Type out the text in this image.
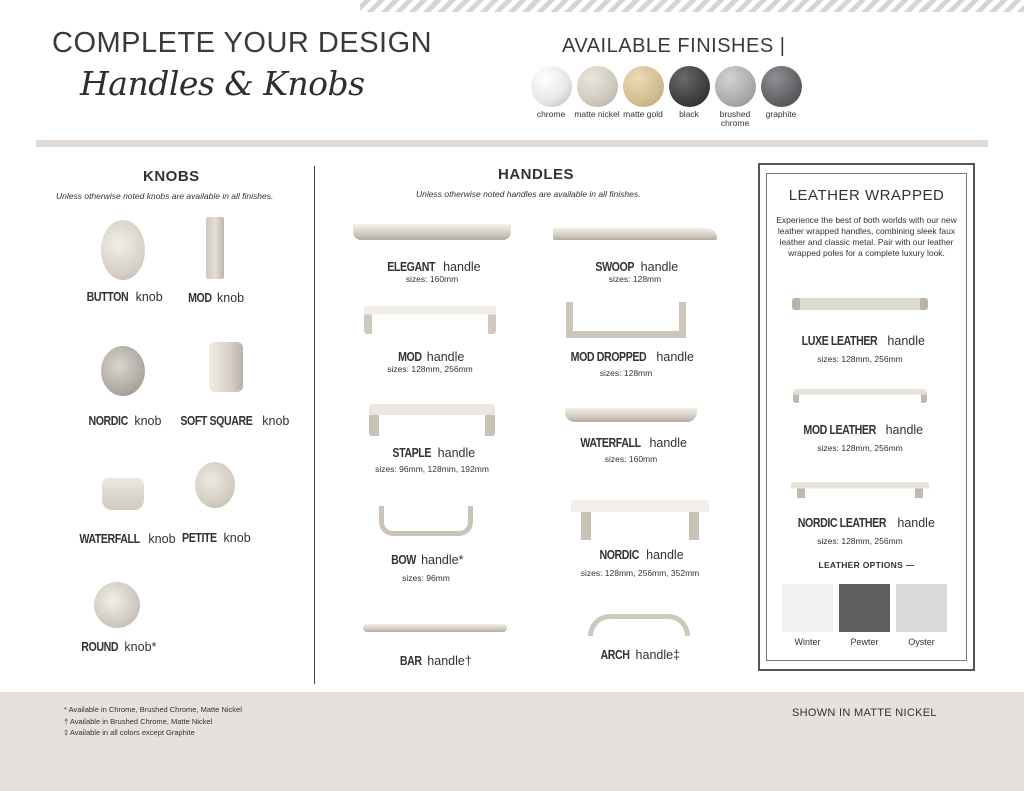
COMPLETE YOUR DESIGN
Handles & Knobs
AVAILABLE FINISHES |
chrome	matte nickel matte gold	black	brushed chrome
graphite
KNOBS
Unless otherwise noted knobs are available in all finishes.
BUTTON knob	MOD knob
NORDIC knob	SOFT SQUARE knob
WATERFALL knob PETITE knob
ROUND knob*
HANDLES
Unless otherwise noted handles are available in all finishes.
ELEGANT handle
sizes: 160mm
MOD handle
sizes: 128mm, 256mm
STAPLE handle
sizes: 96mm, 128mm, 192mm
BOW handle*
sizes: 96mm
BAR handle†
SWOOP handle
sizes: 128mm
MOD DROPPED handle
sizes: 128mm
WATERFALL handle
sizes: 160mm
NORDIC handle
sizes: 128mm, 256mm, 352mm
ARCH handle‡
LEATHER WRAPPED
Experience the best of both worlds with our new leather wrapped handles, combining sleek faux leather and classic metal. Pair with our leather wrapped poles for a complete luxury look.
LUXE LEATHER handle
sizes: 128mm, 256mm
MOD LEATHER handle
sizes: 128mm, 256mm
NORDIC LEATHER handle
sizes: 128mm, 256mm
LEATHER OPTIONS —
Winter	Pewter	Oyster
* Available in Chrome, Brushed Chrome, Matte Nickel
† Available in Brushed Chrome, Matte Nickel
‡ Available in all colors except Graphite
SHOWN IN MATTE NICKEL
